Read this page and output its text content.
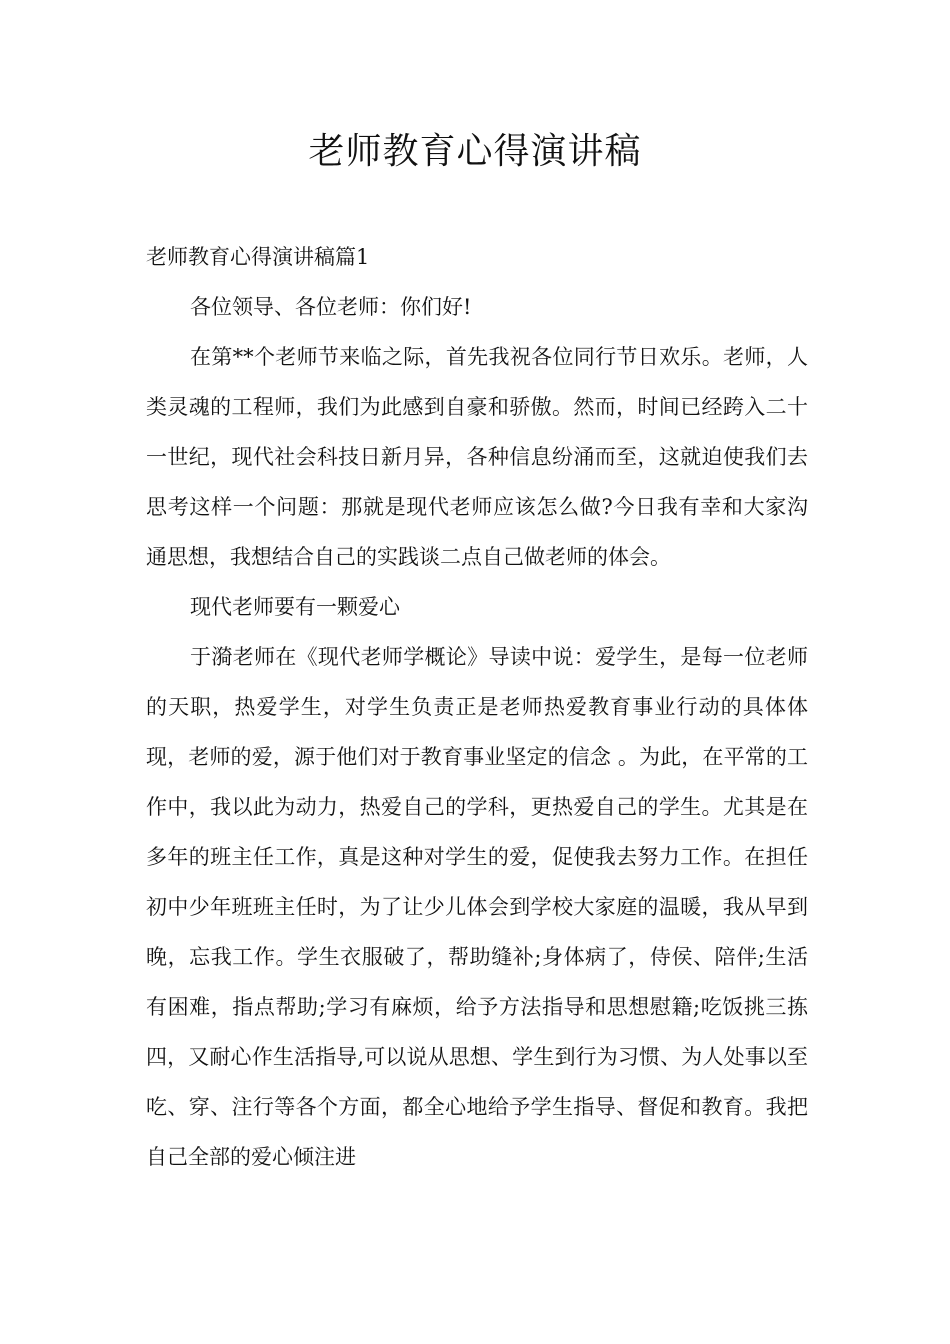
老师教育心得演讲稿

老师教育心得演讲稿篇1

各位领导、各位老师：你们好!

在第**个老师节来临之际，首先我祝各位同行节日欢乐。老师，人类灵魂的工程师，我们为此感到自豪和骄傲。然而，时间已经跨入二十一世纪，现代社会科技日新月异，各种信息纷涌而至，这就迫使我们去思考这样一个问题：那就是现代老师应该怎么做?今日我有幸和大家沟通思想，我想结合自己的实践谈二点自己做老师的体会。

现代老师要有一颗爱心

于漪老师在《现代老师学概论》导读中说：爱学生，是每一位老师的天职，热爱学生，对学生负责正是老师热爱教育事业行动的具体体现，老师的爱，源于他们对于教育事业坚定的信念 。为此，在平常的工作中，我以此为动力，热爱自己的学科，更热爱自己的学生。尤其是在多年的班主任工作，真是这种对学生的爱，促使我去努力工作。在担任初中少年班班主任时，为了让少儿体会到学校大家庭的温暖，我从早到晚，忘我工作。学生衣服破了，帮助缝补;身体病了，侍侯、陪伴;生活有困难，指点帮助;学习有麻烦，给予方法指导和思想慰籍;吃饭挑三拣四，又耐心作生活指导,可以说从思想、学生到行为习惯、为人处事以至吃、穿、注行等各个方面，都全心地给予学生指导、督促和教育。我把自己全部的爱心倾注进
